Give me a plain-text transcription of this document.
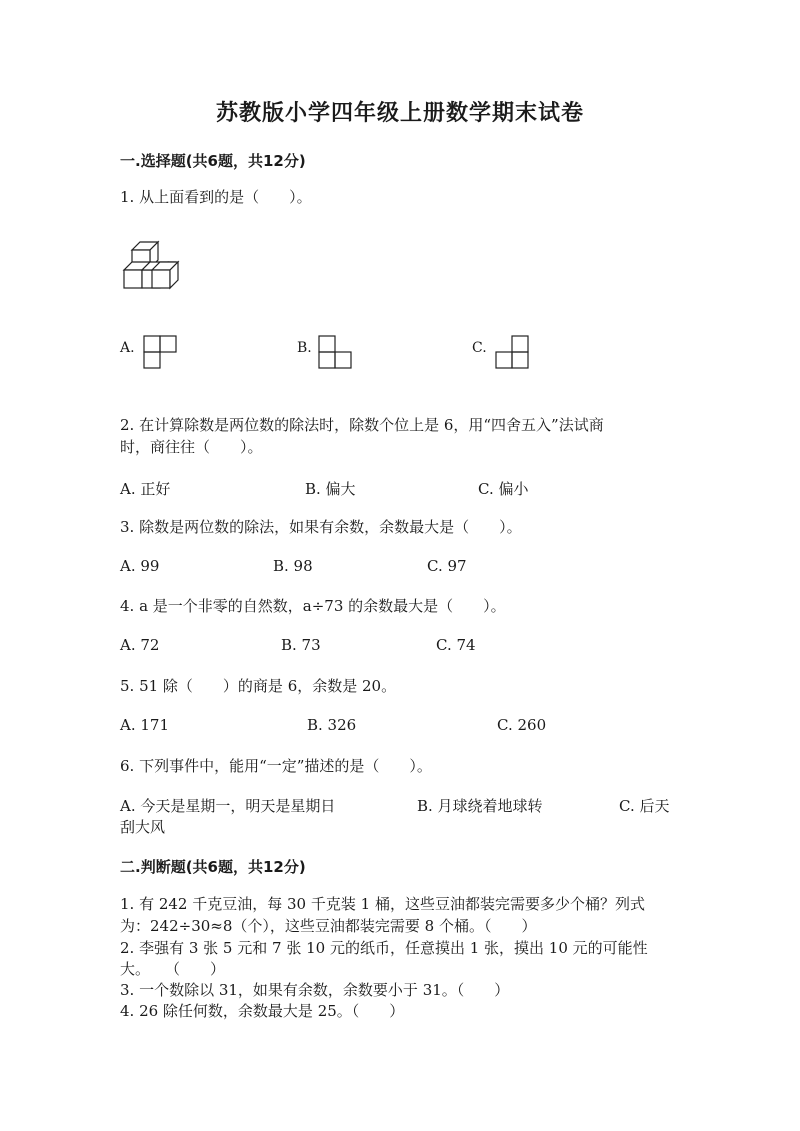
苏教版小学四年级上册数学期末试卷
一.选择题(共6题，共12分)
1. 从上面看到的是（　　）。
A.	B.	C.
2. 在计算除数是两位数的除法时，除数个位上是 6，用“四舍五入”法试商
时，商往往（　　）。
A. 正好	B. 偏大	C. 偏小
3. 除数是两位数的除法，如果有余数，余数最大是（　　）。
A. 99	B. 98	C. 97
4. a 是一个非零的自然数，a÷73 的余数最大是（　　）。
A. 72	B. 73	C. 74
5. 51 除（　　）的商是 6，余数是 20。
A. 171	B. 326	C. 260
6. 下列事件中，能用“一定”描述的是（　　）。
A. 今天是星期一，明天是星期日	B. 月球绕着地球转	C. 后天
刮大风
二.判断题(共6题，共12分)
1. 有 242 千克豆油，每 30 千克装 1 桶，这些豆油都装完需要多少个桶？列式
为：242÷30≈8（个），这些豆油都装完需要 8 个桶。（　　）
2. 李强有 3 张 5 元和 7 张 10 元的纸币，任意摸出 1 张，摸出 10 元的可能性
大。　　（　　）
3. 一个数除以 31，如果有余数，余数要小于 31。（　　）
4. 26 除任何数，余数最大是 25。（　　）
